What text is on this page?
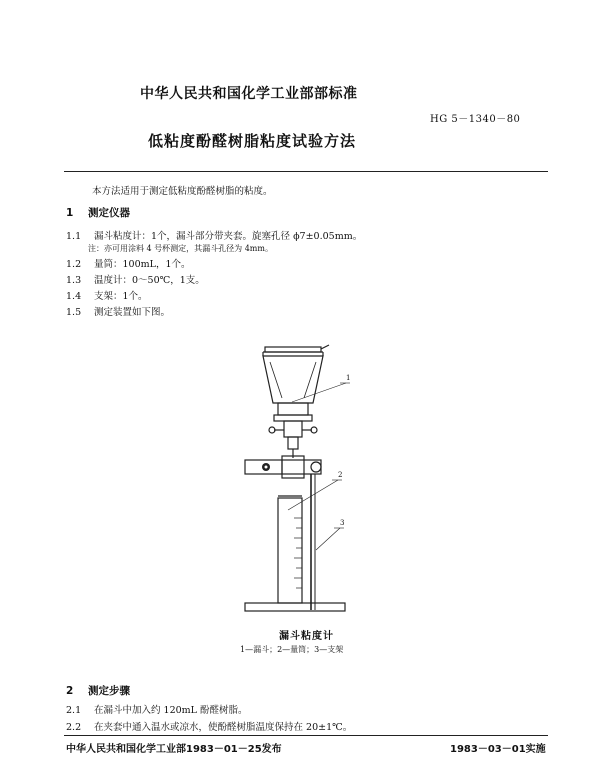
中华人民共和国化学工业部部标准
HG 5－1340－80
低粘度酚醛树脂粘度试验方法
本方法适用于测定低粘度酚醛树脂的粘度。
1 测定仪器
1.1 漏斗粘度计：1个，漏斗部分带夹套。旋塞孔径 ϕ7±0.05mm。
注：亦可用涂料 4 号杯测定，其漏斗孔径为 4mm。
1.2 量筒：100mL，1个。
1.3 温度计：0～50℃，1支。
1.4 支架：1个。
1.5 测定装置如下图。
1
2
3
漏斗粘度计
1—漏斗；2—量筒；3—支架
2 测定步骤
2.1 在漏斗中加入约 120mL 酚醛树脂。
2.2 在夹套中通入温水或凉水，使酚醛树脂温度保持在 20±1℃。
中华人民共和国化学工业部1983－01－25发布	1983－03－01实施
